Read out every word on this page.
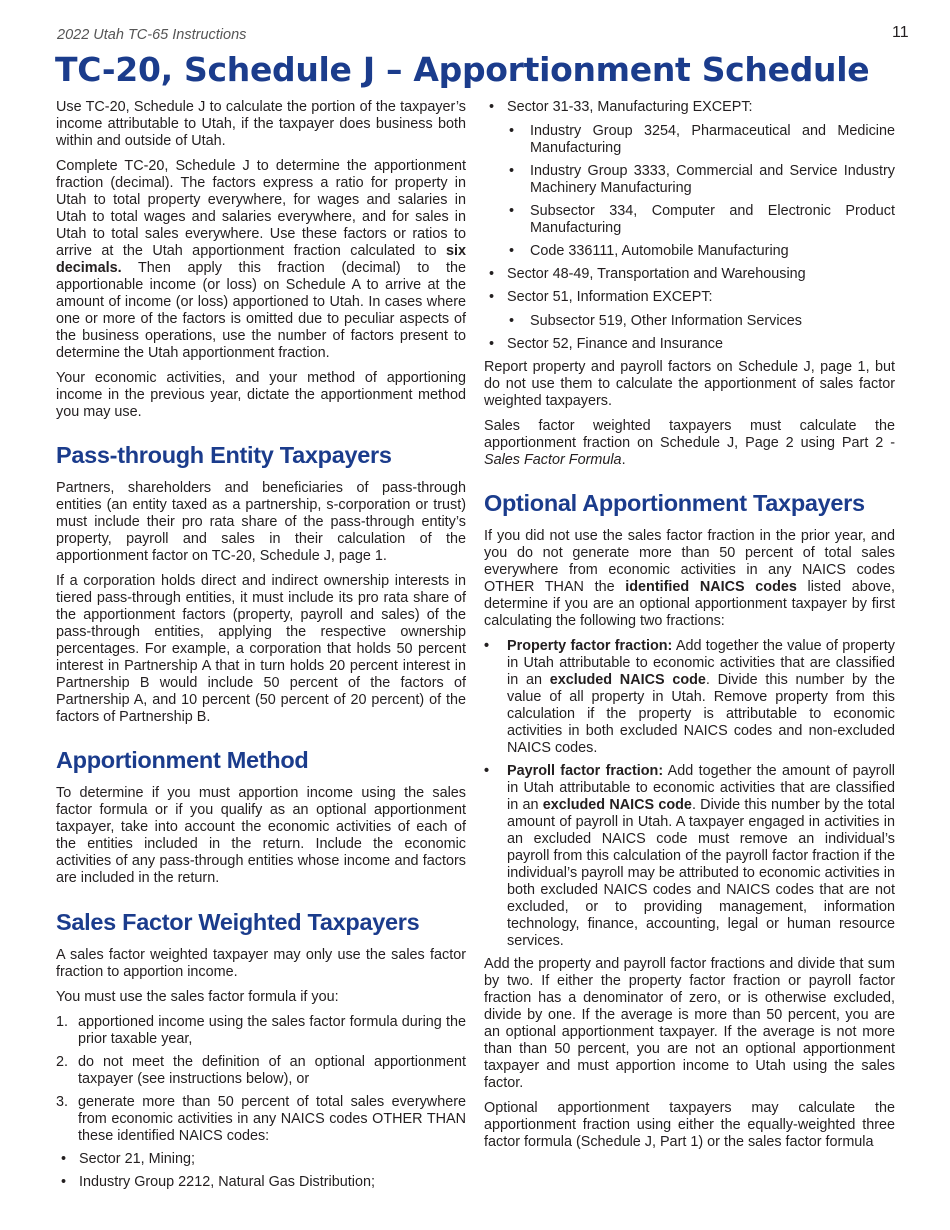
2022 Utah TC-65 Instructions	11
TC-20, Schedule J – Apportionment Schedule

Use TC-20, Schedule J to calculate the portion of the taxpayer’s income attributable to Utah, if the taxpayer does business both within and outside of Utah.

Complete TC-20, Schedule J to determine the apportionment fraction (decimal). The factors express a ratio for property in Utah to total property everywhere, for wages and salaries in Utah to total wages and salaries everywhere, and for sales in Utah to total sales everywhere. Use these factors or ratios to arrive at the Utah apportionment fraction calculated to six decimals. Then apply this fraction (decimal) to the apportionable income (or loss) on Schedule A to arrive at the amount of income (or loss) apportioned to Utah. In cases where one or more of the factors is omitted due to peculiar aspects of the business operations, use the number of factors present to determine the Utah apportionment fraction.

Your economic activities, and your method of apportioning income in the previous year, dictate the apportionment method you may use.

Pass-through Entity Taxpayers

Partners, shareholders and beneficiaries of pass-through entities (an entity taxed as a partnership, s-corporation or trust) must include their pro rata share of the pass-through entity’s property, payroll and sales in their calculation of the apportionment factor on TC-20, Schedule J, page 1.

If a corporation holds direct and indirect ownership interests in tiered pass-through entities, it must include its pro rata share of the apportionment factors (property, payroll and sales) of the pass-through entities, applying the respective ownership percentages. For example, a corporation that holds 50 percent interest in Partnership A that in turn holds 20 percent interest in Partnership B would include 50 percent of the factors of Partnership A, and 10 percent (50 percent of 20 percent) of the factors of Partnership B.

Apportionment Method

To determine if you must apportion income using the sales factor formula or if you qualify as an optional apportionment taxpayer, take into account the economic activities of each of the entities included in the return. Include the economic activities of any pass-through entities whose income and factors are included in the return.

Sales Factor Weighted Taxpayers

A sales factor weighted taxpayer may only use the sales factor fraction to apportion income.

You must use the sales factor formula if you:

1. apportioned income using the sales factor formula during the prior taxable year,
2. do not meet the definition of an optional apportionment taxpayer (see instructions below), or
3. generate more than 50 percent of total sales everywhere from economic activities in any NAICS codes OTHER THAN these identified NAICS codes:
• Sector 21, Mining;
• Industry Group 2212, Natural Gas Distribution;
• Sector 31-33, Manufacturing EXCEPT:
• Industry Group 3254, Pharmaceutical and Medicine Manufacturing
• Industry Group 3333, Commercial and Service Industry Machinery Manufacturing
• Subsector 334, Computer and Electronic Product Manufacturing
• Code 336111, Automobile Manufacturing
• Sector 48-49, Transportation and Warehousing
• Sector 51, Information EXCEPT:
• Subsector 519, Other Information Services
• Sector 52, Finance and Insurance

Report property and payroll factors on Schedule J, page 1, but do not use them to calculate the apportionment of sales factor weighted taxpayers.

Sales factor weighted taxpayers must calculate the apportionment fraction on Schedule J, Page 2 using Part 2 - Sales Factor Formula.

Optional Apportionment Taxpayers

If you did not use the sales factor fraction in the prior year, and you do not generate more than 50 percent of total sales everywhere from economic activities in any NAICS codes OTHER THAN the identified NAICS codes listed above, determine if you are an optional apportionment taxpayer by first calculating the following two fractions:

• Property factor fraction: Add together the value of property in Utah attributable to economic activities that are classified in an excluded NAICS code. Divide this number by the value of all property in Utah. Remove property from this calculation if the property is attributable to economic activities in both excluded NAICS codes and non-excluded NAICS codes.
• Payroll factor fraction: Add together the amount of payroll in Utah attributable to economic activities that are classified in an excluded NAICS code. Divide this number by the total amount of payroll in Utah. A taxpayer engaged in activities in an excluded NAICS code must remove an individual’s payroll from this calculation of the payroll factor fraction if the individual’s payroll may be attributed to economic activities in both excluded NAICS codes and NAICS codes that are not excluded, or to providing management, information technology, finance, accounting, legal or human resource services.

Add the property and payroll factor fractions and divide that sum by two. If either the property factor fraction or payroll factor fraction has a denominator of zero, or is otherwise excluded, divide by one. If the average is more than 50 percent, you are an optional apportionment taxpayer. If the average is not more than than 50 percent, you are not an optional apportionment taxpayer and must apportion income to Utah using the sales factor.

Optional apportionment taxpayers may calculate the apportionment fraction using either the equally-weighted three factor formula (Schedule J, Part 1) or the sales factor formula
